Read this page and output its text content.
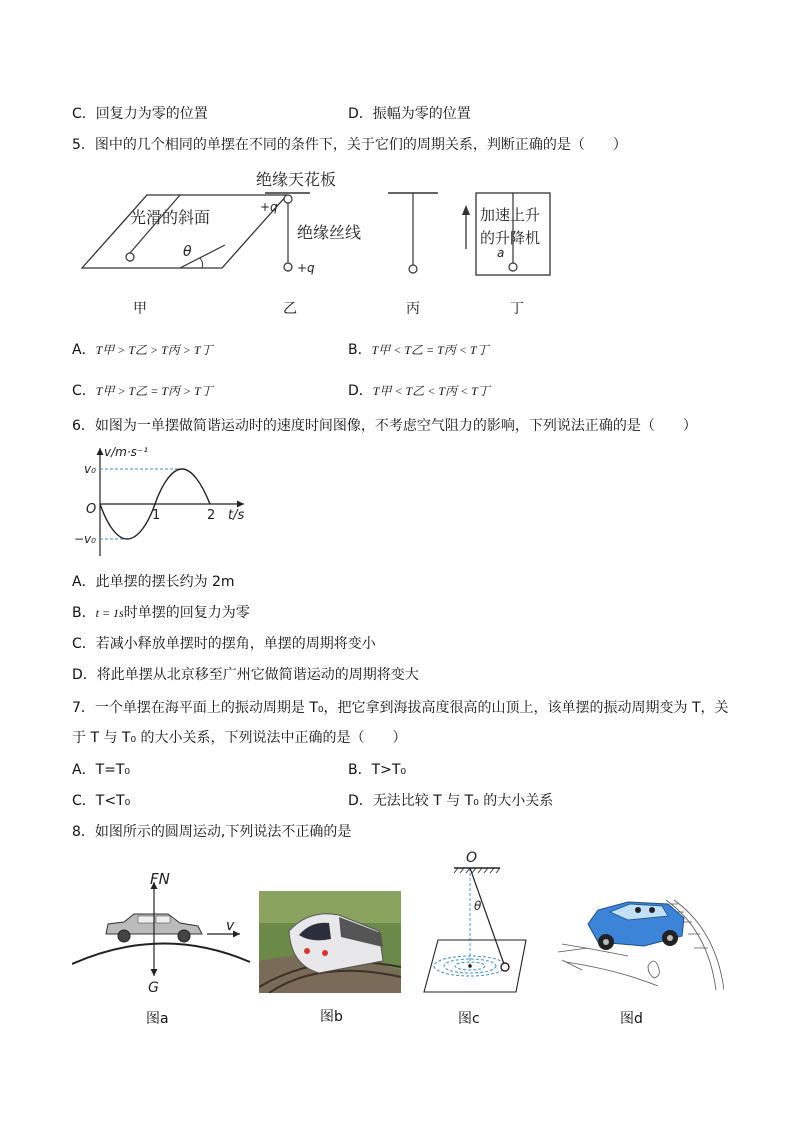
C．回复力为零的位置	D．振幅为零的位置
5．图中的几个相同的单摆在不同的条件下，关于它们的周期关系，判断正确的是（　　）
光滑的斜面
θ
绝缘天花板
+q
+q
绝缘丝线
加速上升
的升降机
a
甲	乙	丙	丁
A．T甲 > T乙 > T丙 > T丁	B．T甲 < T乙 = T丙 < T丁
C．T甲 > T乙 = T丙 > T丁	D．T甲 < T乙 < T丙 < T丁
6．如图为一单摆做简谐运动时的速度时间图像，不考虑空气阻力的影响，下列说法正确的是（　　）
v/m·s⁻¹
v₀
−v₀
O	1	2 t/s
A．此单摆的摆长约为 2m
B．t = 1s时单摆的回复力为零
C．若减小释放单摆时的摆角，单摆的周期将变小
D．将此单摆从北京移至广州它做简谐运动的周期将变大
7．一个单摆在海平面上的振动周期是 T₀，把它拿到海拔高度很高的山顶上，该单摆的振动周期变为 T，关
于 T 与 T₀ 的大小关系，下列说法中正确的是（　　）
A．T=T₀	B．T>T₀
C．T<T₀	D．无法比较 T 与 T₀ 的大小关系
8．如图所示的圆周运动,下列说法不正确的是
FN
v
G
O
θ
图a	图b	图c	图d
